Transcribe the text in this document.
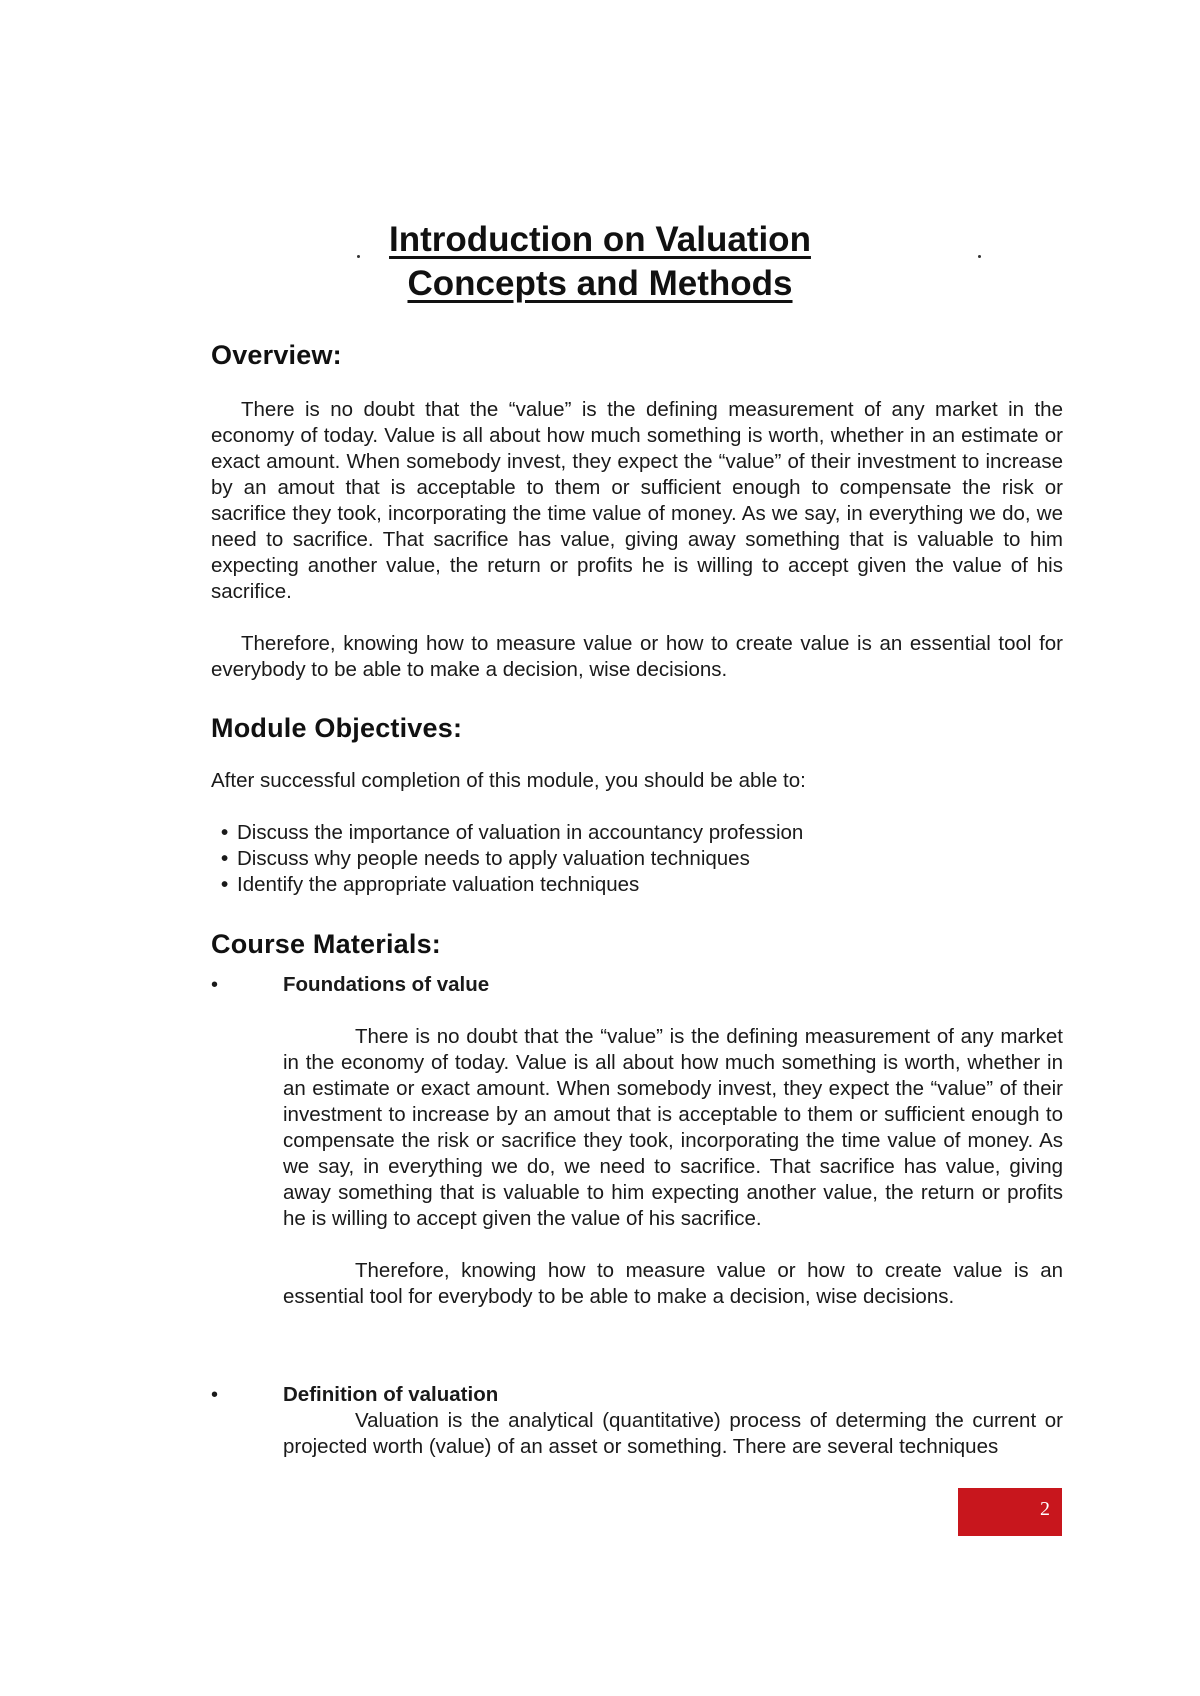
Introduction on Valuation
Concepts and Methods
Overview:

There is no doubt that the “value” is the defining measurement of any market in the economy of today. Value is all about how much something is worth, whether in an estimate or exact amount. When somebody invest, they expect the “value” of their investment to increase by an amout that is acceptable to them or sufficient enough to compensate the risk or sacrifice they took, incorporating the time value of money. As we say, in everything we do, we need to sacrifice. That sacrifice has value, giving away something that is valuable to him expecting another value, the return or profits he is willing to accept given the value of his sacrifice.

Therefore, knowing how to measure value or how to create value is an essential tool for everybody to be able to make a decision, wise decisions.

Module Objectives:

After successful completion of this module, you should be able to:

• Discuss the importance of valuation in accountancy profession
• Discuss why people needs to apply valuation techniques
• Identify the appropriate valuation techniques
Course Materials:
•	Foundations of value

There is no doubt that the “value” is the defining measurement of any market in the economy of today. Value is all about how much something is worth, whether in an estimate or exact amount. When somebody invest, they expect the “value” of their investment to increase by an amout that is acceptable to them or sufficient enough to compensate the risk or sacrifice they took, incorporating the time value of money. As we say, in everything we do, we need to sacrifice. That sacrifice has value, giving away something that is valuable to him expecting another value, the return or profits he is willing to accept given the value of his sacrifice.

Therefore, knowing how to measure value or how to create value is an essential tool for everybody to be able to make a decision, wise decisions.

•	Definition of valuation

Valuation is the analytical (quantitative) process of determing the current or projected worth (value) of an asset or something. There are several techniques

2
